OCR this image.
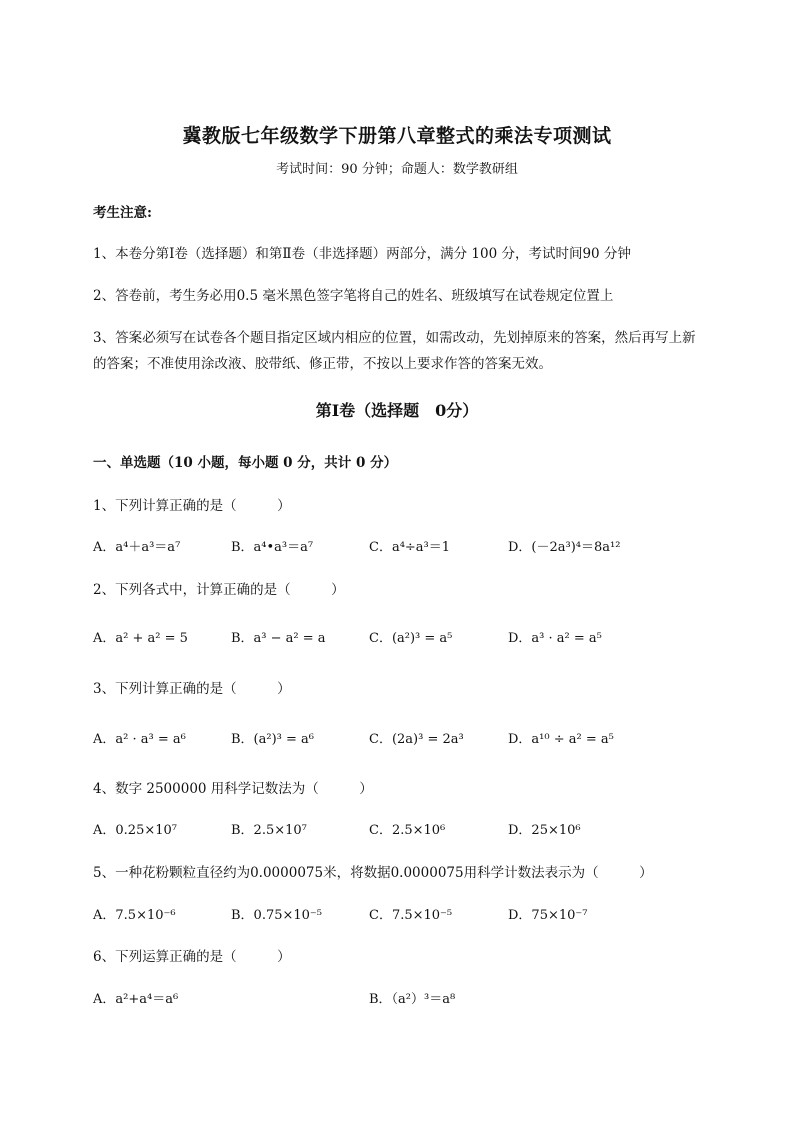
冀教版七年级数学下册第八章整式的乘法专项测试
考试时间：90 分钟；命题人：数学教研组
考生注意:
1、本卷分第Ⅰ卷（选择题）和第Ⅱ卷（非选择题）两部分，满分 100 分，考试时间90 分钟
2、答卷前，考生务必用0.5 毫米黑色签字笔将自己的姓名、班级填写在试卷规定位置上
3、答案必须写在试卷各个题目指定区域内相应的位置，如需改动，先划掉原来的答案，然后再写上新
的答案；不准使用涂改液、胶带纸、修正带，不按以上要求作答的答案无效。
第Ⅰ卷（选择题　0分）
一、单选题（10 小题，每小题 0 分，共计 0 分）
1、下列计算正确的是（　　　）
A．a⁴＋a³＝a⁷	B．a⁴•a³＝a⁷	C．a⁴÷a³＝1	D．(－2a³)⁴＝8a¹²
2、下列各式中，计算正确的是（　　　）
A．a² + a² = 5	B．a³ − a² = a	C．(a²)³ = a⁵	D．a³ · a² = a⁵
3、下列计算正确的是（　　　）
A．a² · a³ = a⁶	B．(a²)³ = a⁶	C．(2a)³ = 2a³	D．a¹⁰ ÷ a² = a⁵
4、数字 2500000 用科学记数法为（　　　）
A．0.25×10⁷	B．2.5×10⁷	C．2.5×10⁶	D．25×10⁶
5、一种花粉颗粒直径约为0.0000075米，将数据0.0000075用科学计数法表示为（　　　）
A．7.5×10⁻⁶	B．0.75×10⁻⁵	C．7.5×10⁻⁵	D．75×10⁻⁷
6、下列运算正确的是（　　　）
A．a²+a⁴＝a⁶	B．（a²）³＝a⁸
